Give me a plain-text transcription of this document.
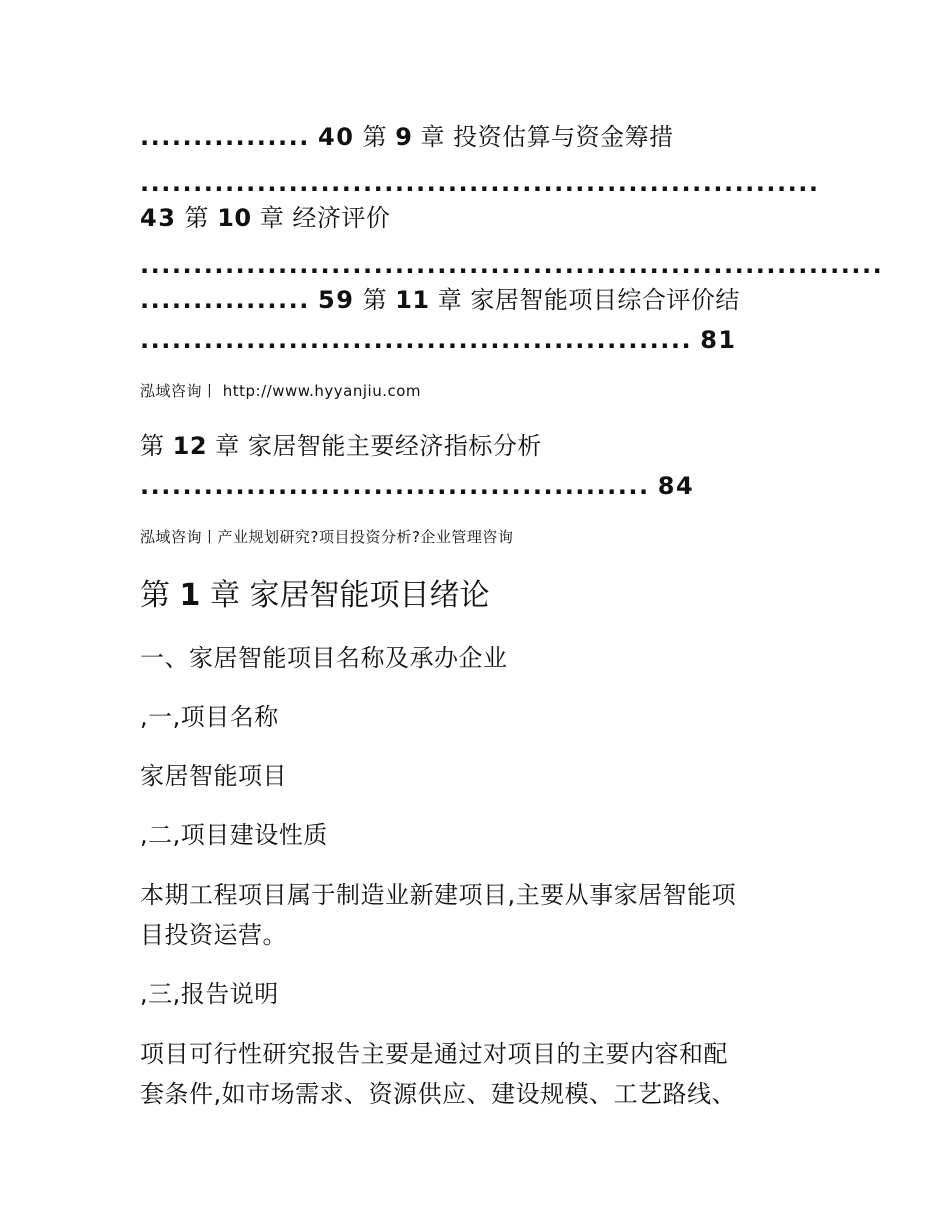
................ 40 第 9 章 投资估算与资金筹措
................................................................
43 第 10 章 经济评价
......................................................................
................ 59 第 11 章 家居智能项目综合评价结
.................................................... 81
泓域咨询丨 http://www.hyyanjiu.com
第 12 章 家居智能主要经济指标分析
................................................ 84
泓域咨询丨产业规划研究?项目投资分析?企业管理咨询
第 1 章 家居智能项目绪论
一、家居智能项目名称及承办企业
,一,项目名称
家居智能项目
,二,项目建设性质
本期工程项目属于制造业新建项目,主要从事家居智能项
目投资运营。
,三,报告说明
项目可行性研究报告主要是通过对项目的主要内容和配
套条件,如市场需求、资源供应、建设规模、工艺路线、
